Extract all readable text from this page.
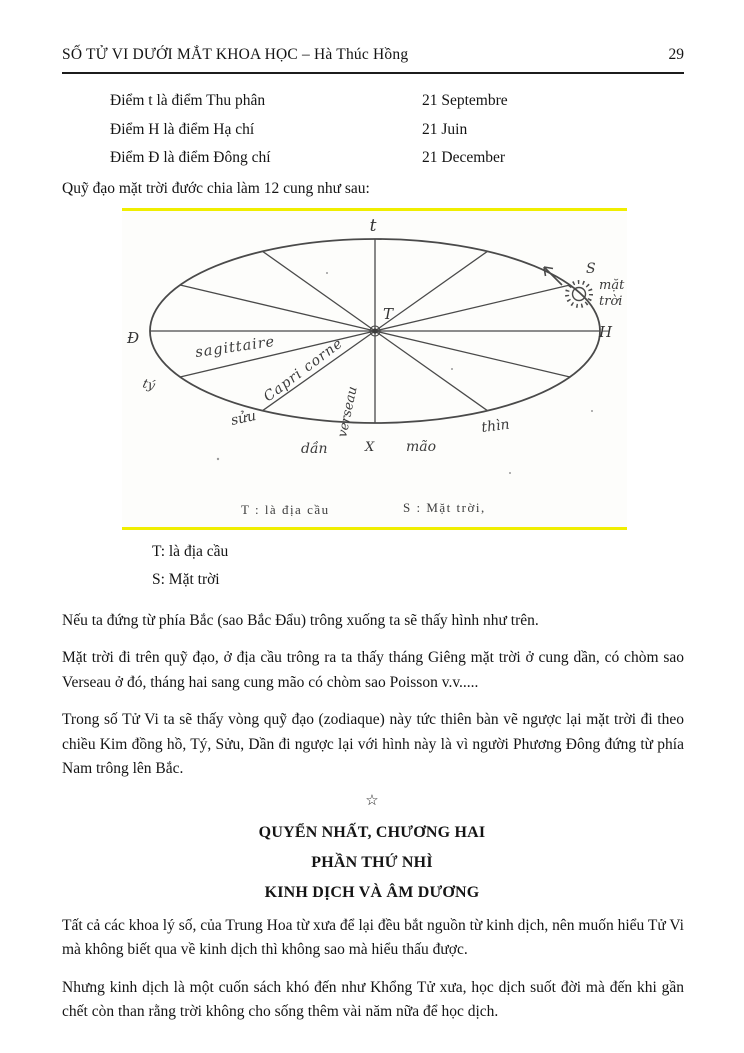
SỐ TỬ VI DƯỚI MẮT KHOA HỌC – Hà Thúc Hồng	29
Điểm t là điểm Thu phân	21 Septembre
Điểm H là điểm Hạ chí	21 Juin
Điểm Đ là điểm Đông chí	21 December
Quỹ đạo mặt trời đước chia làm 12 cung như sau:
t
T
Đ	H
X
S
mặt
trời
sagittaire
Capri corne
verseau
tý
sửu
dần	mão
thìn
T : là địa cầu	S : Mặt trời,
T: là địa cầu
S: Mặt trời

Nếu ta đứng từ phía Bắc (sao Bắc Đẩu) trông xuống ta sẽ thấy hình như trên.

Mặt trời đi trên quỹ đạo, ở địa cầu trông ra ta thấy tháng Giêng mặt trời ở cung dần, có chòm sao Verseau ở đó, tháng hai sang cung mão có chòm sao Poisson v.v.....

Trong số Tử Vi ta sẽ thấy vòng quỹ đạo (zodiaque) này tức thiên bàn vẽ ngược lại mặt trời đi theo chiều Kim đồng hồ, Tý, Sửu, Dần đi ngược lại với hình này là vì người Phương Đông đứng từ phía Nam trông lên Bắc.

☆
QUYỂN NHẤT, CHƯƠNG HAI
PHẦN THỨ NHÌ
KINH DỊCH VÀ ÂM DƯƠNG

Tất cả các khoa lý số, của Trung Hoa từ xưa để lại đều bắt nguồn từ kinh dịch, nên muốn hiểu Tử Vi mà không biết qua về kinh dịch thì không sao mà hiểu thấu được.

Nhưng kinh dịch là một cuốn sách khó đến như Khổng Tử xưa, học dịch suốt đời mà đến khi gần chết còn than rằng trời không cho sống thêm vài năm nữa để học dịch.
